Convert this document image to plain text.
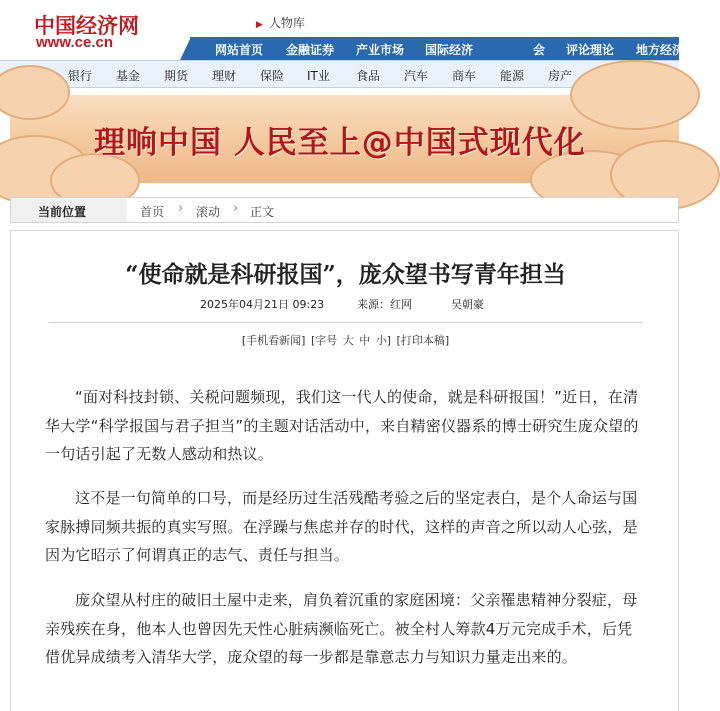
中国经济网
www.ce.cn
▶ 人物库
网站首页 金融证券 产业市场 国际经济	会 评论理论 地方经济
银行 基金 期货 理财 保险 IT业 食品 汽车 商车 能源 房产
理响中国 人民至上@中国式现代化
当前位置	首页 › 滚动 › 正文
“使命就是科研报国”，庞众望书写青年担当
2025年04月21日 09:23	来源：红网	吴朝豪
[手机看新闻] [字号 大 中 小] [打印本稿]

“面对科技封锁、关税问题频现，我们这一代人的使命，就是科研报国！”近日，在清华大学“科学报国与君子担当”的主题对话活动中，来自精密仪器系的博士研究生庞众望的一句话引起了无数人感动和热议。

这不是一句简单的口号，而是经历过生活残酷考验之后的坚定表白，是个人命运与国家脉搏同频共振的真实写照。在浮躁与焦虑并存的时代，这样的声音之所以动人心弦，是因为它昭示了何谓真正的志气、责任与担当。

庞众望从村庄的破旧土屋中走来，肩负着沉重的家庭困境：父亲罹患精神分裂症，母亲残疾在身，他本人也曾因先天性心脏病濒临死亡。被全村人筹款4万元完成手术，后凭借优异成绩考入清华大学，庞众望的每一步都是靠意志力与知识力量走出来的。
